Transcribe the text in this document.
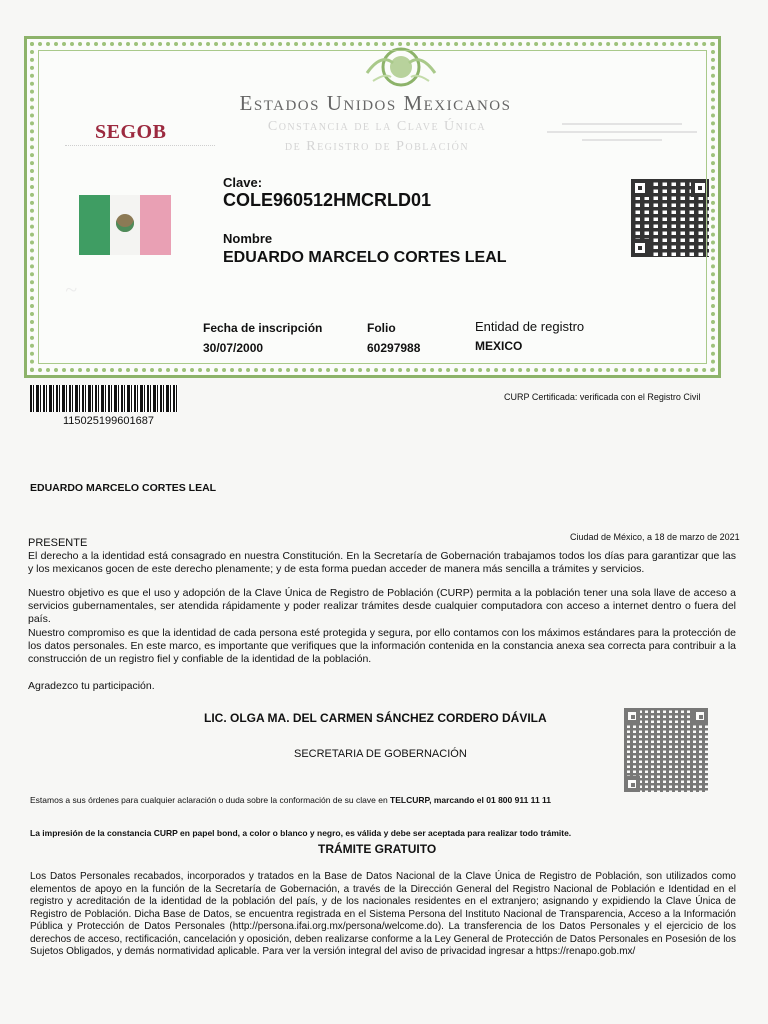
Estados Unidos Mexicanos
Constancia de la Clave Única
de Registro de Población
SEGOB
Clave:
COLE960512HMCRLD01
Nombre
EDUARDO MARCELO CORTES LEAL
~
Fecha de inscripción
30/07/2000
Folio
60297988
Entidad de registro
MEXICO
115025199601687
CURP Certificada: verificada con el Registro Civil
EDUARDO MARCELO CORTES LEAL
Ciudad de México, a 18 de marzo de 2021
PRESENTE
El derecho a la identidad está consagrado en nuestra Constitución. En la Secretaría de Gobernación trabajamos todos los días para garantizar que las y los mexicanos gocen de este derecho plenamente; y de esta forma puedan acceder de manera más sencilla a trámites y servicios.
Nuestro objetivo es que el uso y adopción de la Clave Única de Registro de Población (CURP) permita a la población tener una sola llave de acceso a servicios gubernamentales, ser atendida rápidamente y poder realizar trámites desde cualquier computadora con acceso a internet dentro o fuera del país.
Nuestro compromiso es que la identidad de cada persona esté protegida y segura, por ello contamos con los máximos estándares para la protección de los datos personales. En este marco, es importante que verifiques que la información contenida en la constancia anexa sea correcta para contribuir a la construcción de un registro fiel y confiable de la identidad de la población.
Agradezco tu participación.
LIC. OLGA MA. DEL CARMEN SÁNCHEZ CORDERO DÁVILA
SECRETARIA DE GOBERNACIÓN
Estamos a sus órdenes para cualquier aclaración o duda sobre la conformación de su clave en TELCURP, marcando el 01 800 911 11 11
La impresión de la constancia CURP en papel bond, a color o blanco y negro, es válida y debe ser aceptada para realizar todo trámite.
TRÁMITE GRATUITO
Los Datos Personales recabados, incorporados y tratados en la Base de Datos Nacional de la Clave Única de Registro de Población, son utilizados como elementos de apoyo en la función de la Secretaría de Gobernación, a través de la Dirección General del Registro Nacional de Población e Identidad en el registro y acreditación de la identidad de la población del país, y de los nacionales residentes en el extranjero; asignando y expidiendo la Clave Única de Registro de Población. Dicha Base de Datos, se encuentra registrada en el Sistema Persona del Instituto Nacional de Transparencia, Acceso a la Información Pública y Protección de Datos Personales (http://persona.ifai.org.mx/persona/welcome.do). La transferencia de los Datos Personales y el ejercicio de los derechos de acceso, rectificación, cancelación y oposición, deben realizarse conforme a la Ley General de Protección de Datos Personales en Posesión de los Sujetos Obligados, y demás normatividad aplicable. Para ver la versión integral del aviso de privacidad ingresar a https://renapo.gob.mx/
